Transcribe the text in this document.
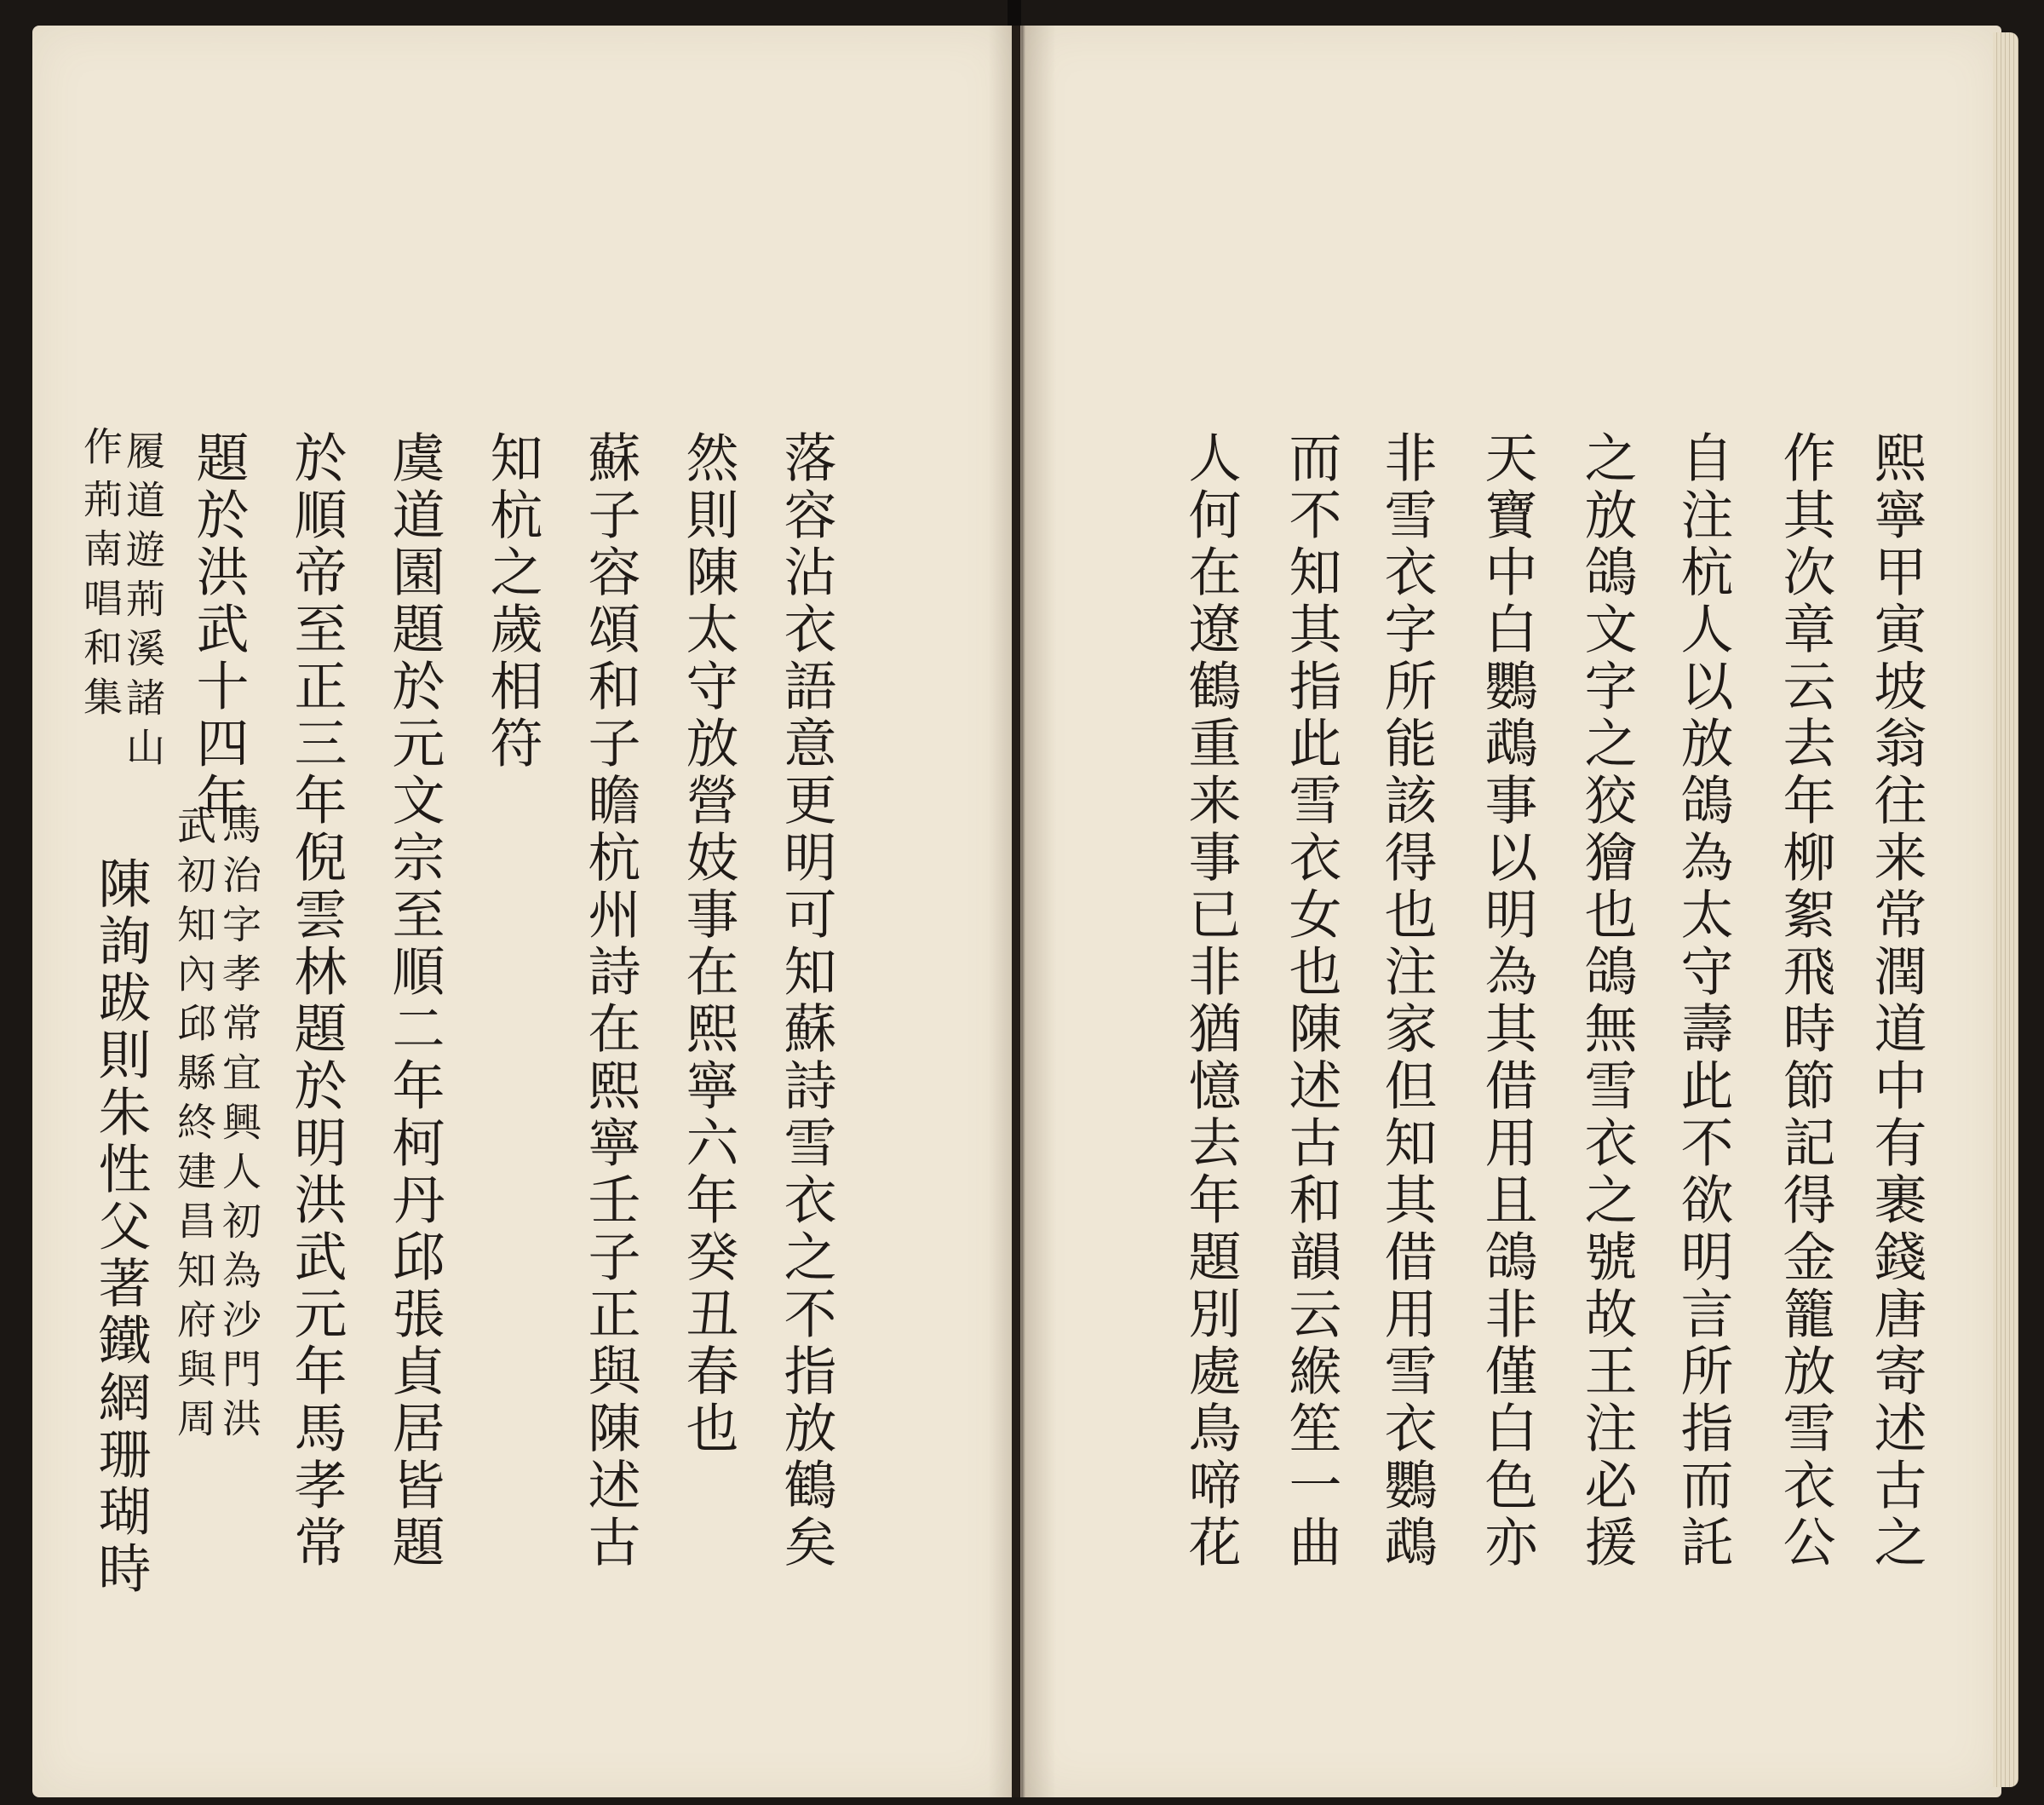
熙寧甲寅坡翁往来常潤道中有裹錢唐寄述古之
作其次章云去年柳絮飛時節記得金籠放雪衣公
自注杭人以放鴿為太守壽此不欲明言所指而託
之放鴿文字之狡獪也鴿無雪衣之號故王注必援
天寶中白鸚鵡事以明為其借用且鴿非僅白色亦
非雪衣字所能該得也注家但知其借用雪衣鸚鵡
而不知其指此雪衣女也陳述古和韻云緱笙一曲
人何在遼鶴重来事已非猶憶去年題別處鳥啼花
落容沾衣語意更明可知蘇詩雪衣之不指放鶴矣
然則陳太守放營妓事在熙寧六年癸丑春也
蘇子容頌和子瞻杭州詩在熙寧壬子正與陳述古
知杭之歲相符
虞道園題於元文宗至順二年柯丹邱張貞居皆題
於順帝至正三年倪雲林題於明洪武元年馬孝常
題於洪武十四年
陳詢跋則朱性父著鐵網珊瑚時
作
馬治字孝常宜興人初為沙門洪
武初知內邱縣終建昌知府與周
履道遊荊溪諸山
荊南唱和集
